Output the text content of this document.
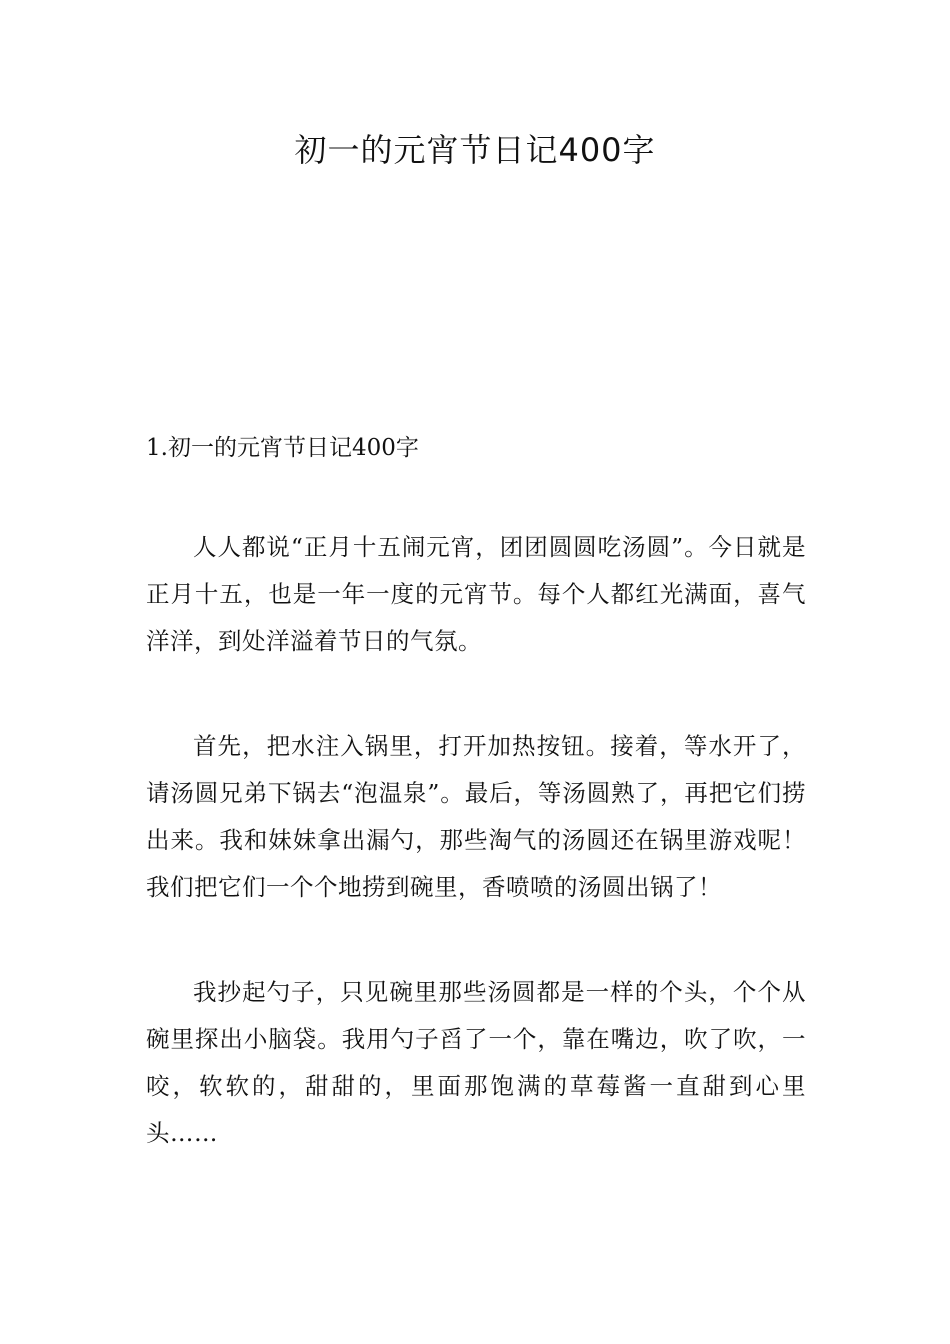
初一的元宵节日记400字
1.初一的元宵节日记400字

人人都说“正月十五闹元宵，团团圆圆吃汤圆”。今日就是正月十五，也是一年一度的元宵节。每个人都红光满面，喜气洋洋，到处洋溢着节日的气氛。

首先，把水注入锅里，打开加热按钮。接着，等水开了，请汤圆兄弟下锅去“泡温泉”。最后，等汤圆熟了，再把它们捞出来。我和妹妹拿出漏勺，那些淘气的汤圆还在锅里游戏呢！我们把它们一个个地捞到碗里，香喷喷的汤圆出锅了！

我抄起勺子，只见碗里那些汤圆都是一样的个头，个个从碗里探出小脑袋。我用勺子舀了一个，靠在嘴边，吹了吹，一咬，软软的，甜甜的，里面那饱满的草莓酱一直甜到心里头……
